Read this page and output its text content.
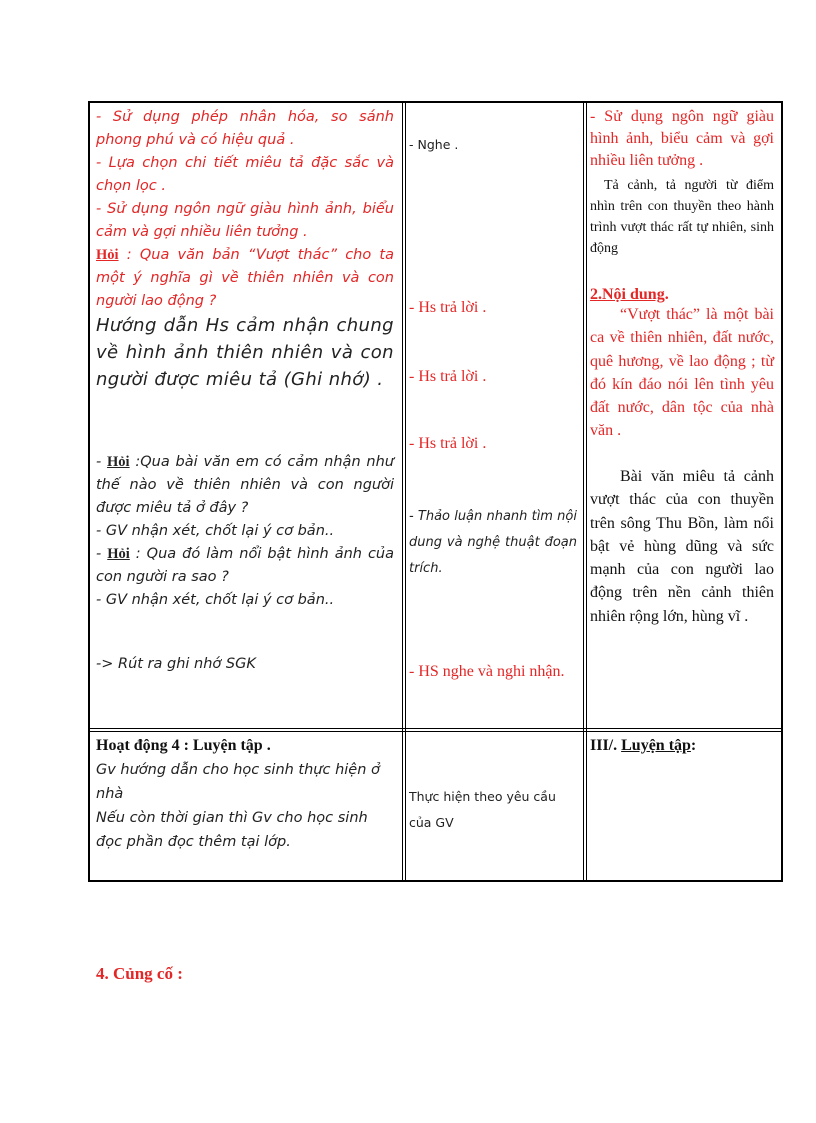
- Sử dụng phép nhân hóa, so sánh phong phú và có hiệu quả .

- Lựa chọn chi tiết miêu tả đặc sắc và chọn lọc .

- Sử dụng ngôn ngữ giàu hình ảnh, biểu cảm và gợi nhiều liên tưởng .

Hỏi : Qua văn bản “Vượt thác” cho ta một ý nghĩa gì về thiên nhiên và con người lao động ?

Hướng dẫn Hs cảm nhận chung về hình ảnh thiên nhiên và con người được miêu tả (Ghi nhớ) .

- Hỏi :Qua bài văn em có cảm nhận như thế nào về thiên nhiên và con người được miêu tả ở đây ?

- GV nhận xét, chốt lại ý cơ bản..

- Hỏi : Qua đó làm nổi bật hình ảnh của con người ra sao ?

- GV nhận xét, chốt lại ý cơ bản..

-> Rút ra ghi nhớ SGK
- Nghe .
- Hs trả lời .
- Hs trả lời .
- Hs trả lời .
- Thảo luận nhanh tìm nội dung và nghệ thuật đoạn trích.
- HS nghe và nghi nhận.
- Sử dụng ngôn ngữ giàu hình ảnh, biểu cảm và gợi nhiều liên tưởng .
Tả cảnh, tả người từ điểm nhìn trên con thuyền theo hành trình vượt thác rất tự nhiên, sinh động
2.Nội dung.
“Vượt thác” là một bài ca về thiên nhiên, đất nước, quê hương, về lao động ; từ đó kín đáo nói lên tình yêu đất nước, dân tộc của nhà văn .
Bài văn miêu tả cảnh vượt thác của con thuyền trên sông Thu Bồn, làm nổi bật vẻ hùng dũng và sức mạnh của con người lao động trên nền cảnh thiên nhiên rộng lớn, hùng vĩ .
Hoạt động 4 : Luyện tập .

Gv hướng dẫn cho học sinh thực hiện ở nhà

Nếu còn thời gian thì Gv cho học sinh đọc phần đọc thêm tại lớp.

Thực hiện theo yêu cầu của GV
III/. Luyện tập:
4. Củng cố :
